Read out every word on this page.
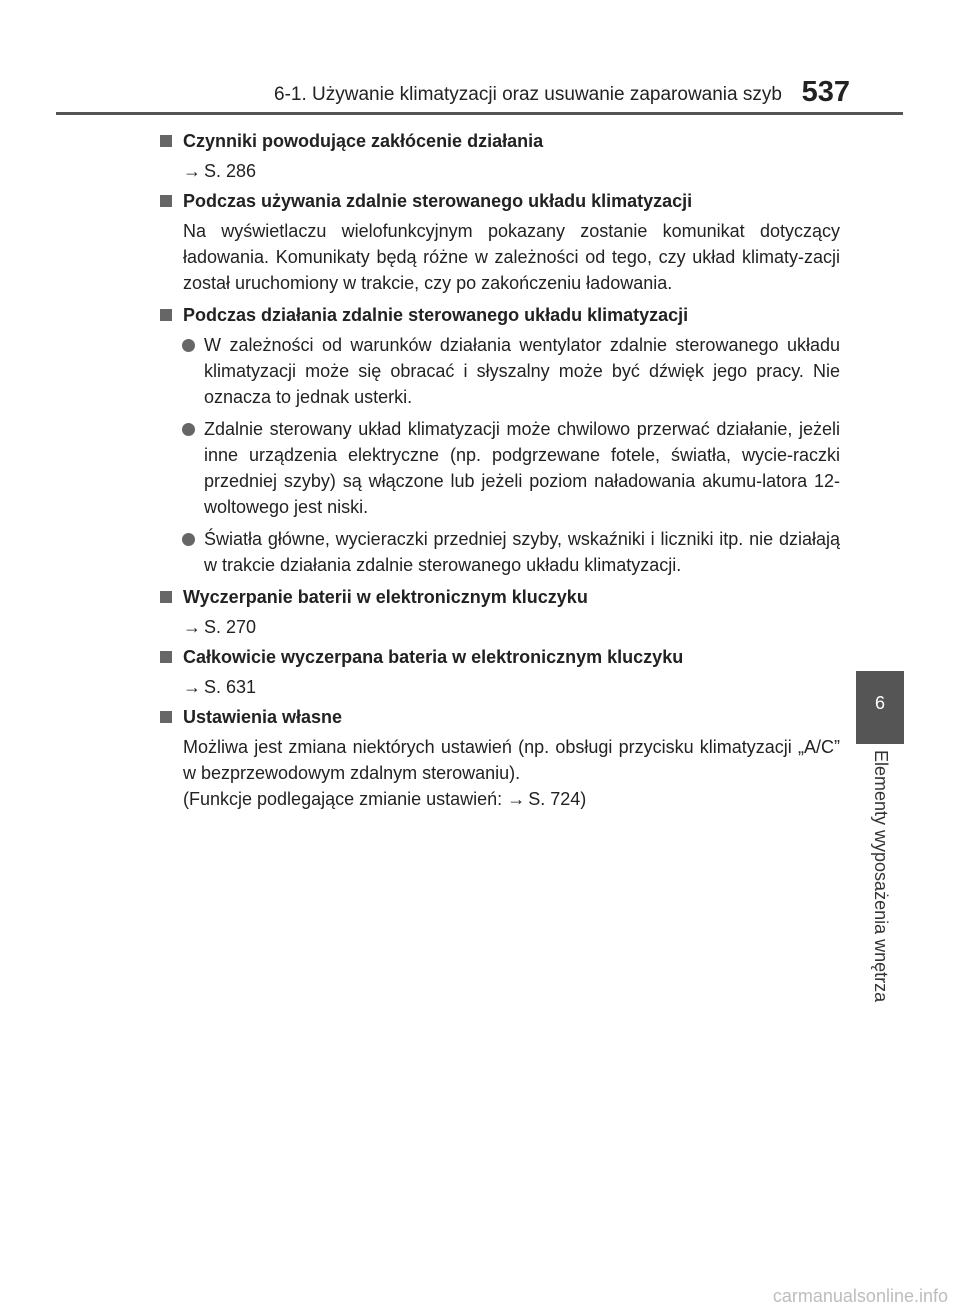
6-1. Używanie klimatyzacji oraz usuwanie zaparowania szyb 537
Czynniki powodujące zakłócenie działania
→ S. 286
Podczas używania zdalnie sterowanego układu klimatyzacji
Na wyświetlaczu wielofunkcyjnym pokazany zostanie komunikat dotyczący ładowania. Komunikaty będą różne w zależności od tego, czy układ klimaty-zacji został uruchomiony w trakcie, czy po zakończeniu ładowania.
Podczas działania zdalnie sterowanego układu klimatyzacji
W zależności od warunków działania wentylator zdalnie sterowanego układu klimatyzacji może się obracać i słyszalny może być dźwięk jego pracy. Nie oznacza to jednak usterki.
Zdalnie sterowany układ klimatyzacji może chwilowo przerwać działanie, jeżeli inne urządzenia elektryczne (np. podgrzewane fotele, światła, wycie-raczki przedniej szyby) są włączone lub jeżeli poziom naładowania akumu-latora 12-woltowego jest niski.
Światła główne, wycieraczki przedniej szyby, wskaźniki i liczniki itp. nie działają w trakcie działania zdalnie sterowanego układu klimatyzacji.
Wyczerpanie baterii w elektronicznym kluczyku
→ S. 270
Całkowicie wyczerpana bateria w elektronicznym kluczyku
→ S. 631
Ustawienia własne
Możliwa jest zmiana niektórych ustawień (np. obsługi przycisku klimatyzacji „A/C” w bezprzewodowym zdalnym sterowaniu).
(Funkcje podlegające zmianie ustawień: → S. 724)
6
Elementy wyposażenia wnętrza
carmanualsonline.info
